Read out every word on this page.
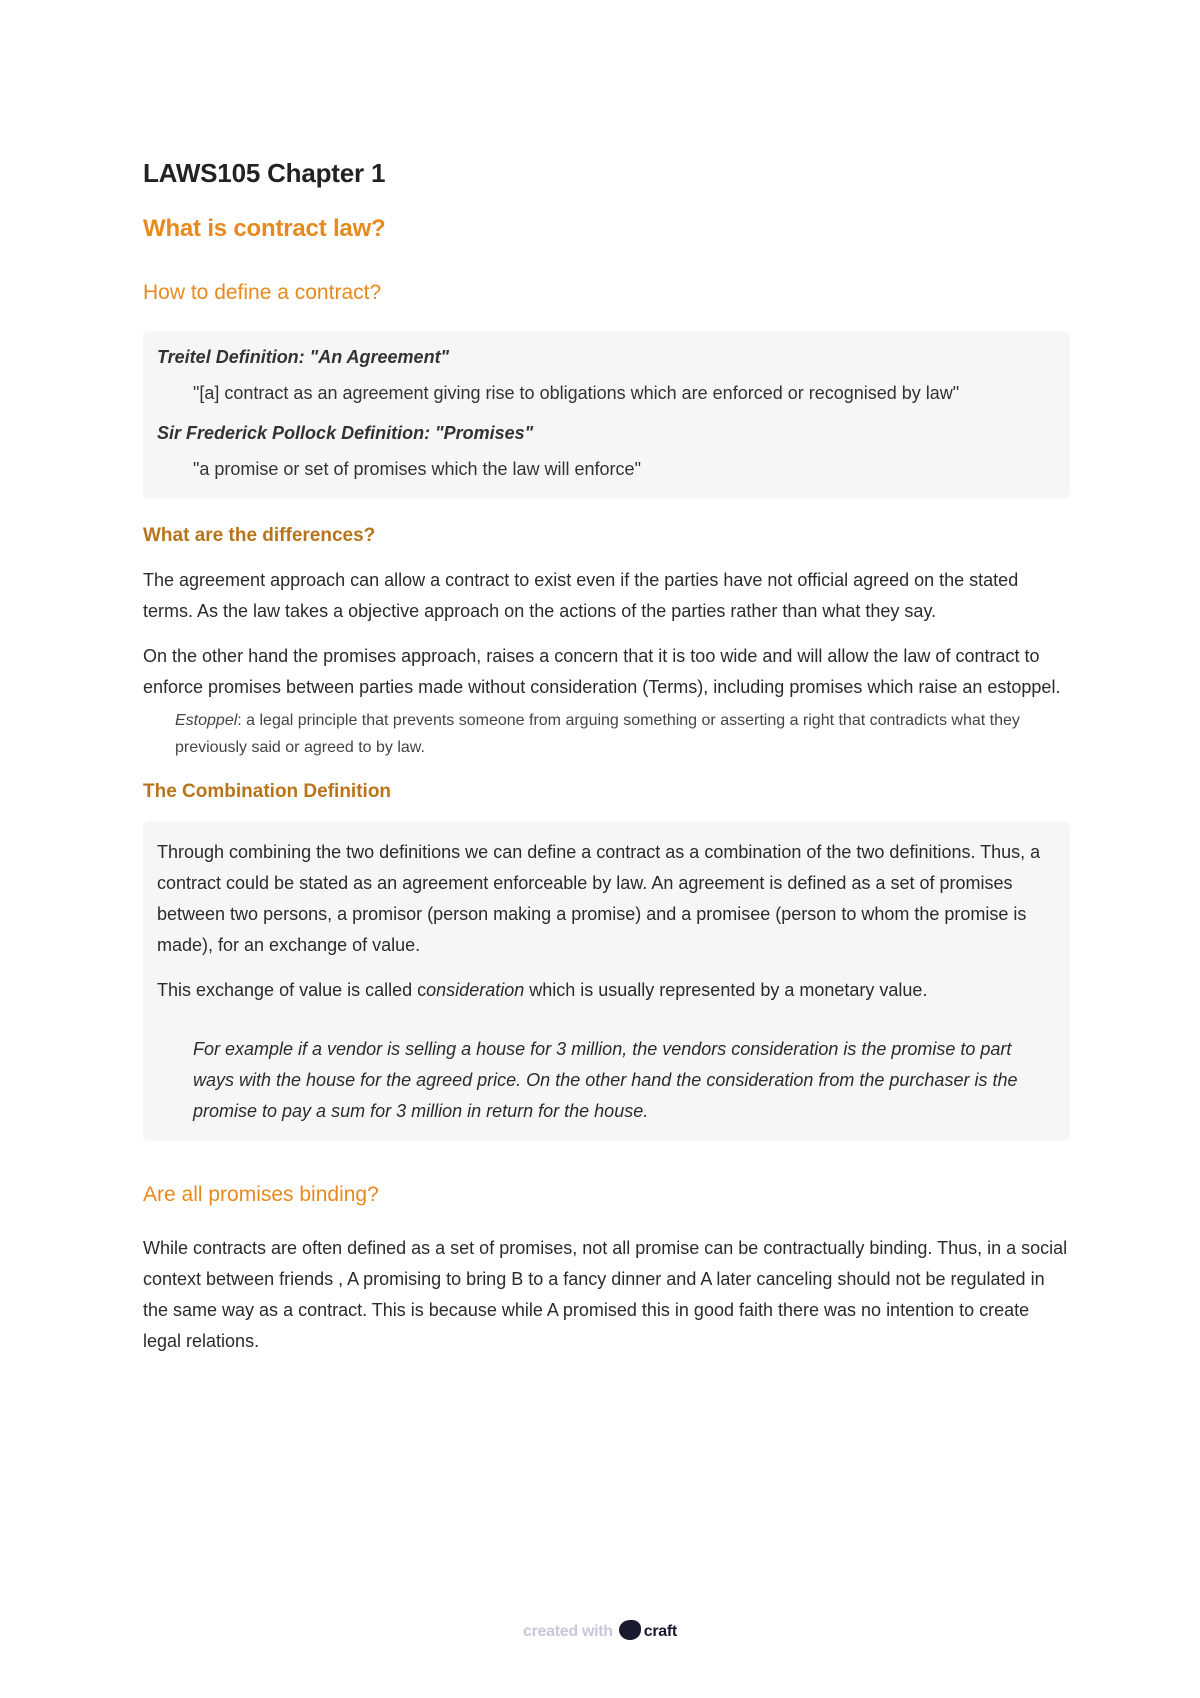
LAWS105 Chapter 1
What is contract law?
How to define a contract?
Treitel Definition: "An Agreement"
"[a] contract as an agreement giving rise to obligations which are enforced or recognised by law"
Sir Frederick Pollock Definition: "Promises"
"a promise or set of promises which the law will enforce"
What are the differences?

The agreement approach can allow a contract to exist even if the parties have not official agreed on the stated terms. As the law takes a objective approach on the actions of the parties rather than what they say.

On the other hand the promises approach, raises a concern that it is too wide and will allow the law of contract to enforce promises between parties made without consideration (Terms), including promises which raise an estoppel.

Estoppel: a legal principle that prevents someone from arguing something or asserting a right that contradicts what they previously said or agreed to by law.
The Combination Definition

Through combining the two definitions we can define a contract as a combination of the two definitions. Thus, a contract could be stated as an agreement enforceable by law. An agreement is defined as a set of promises between two persons, a promisor (person making a promise) and a promisee (person to whom the promise is made), for an exchange of value.

This exchange of value is called consideration which is usually represented by a monetary value.

For example if a vendor is selling a house for 3 million, the vendors consideration is the promise to part ways with the house for the agreed price. On the other hand the consideration from the purchaser is the promise to pay a sum for 3 million in return for the house.

Are all promises binding?

While contracts are often defined as a set of promises, not all promise can be contractually binding. Thus, in a social context between friends , A promising to bring B to a fancy dinner and A later canceling should not be regulated in the same way as a contract. This is because while A promised this in good faith there was no intention to create legal relations.

created with craft
